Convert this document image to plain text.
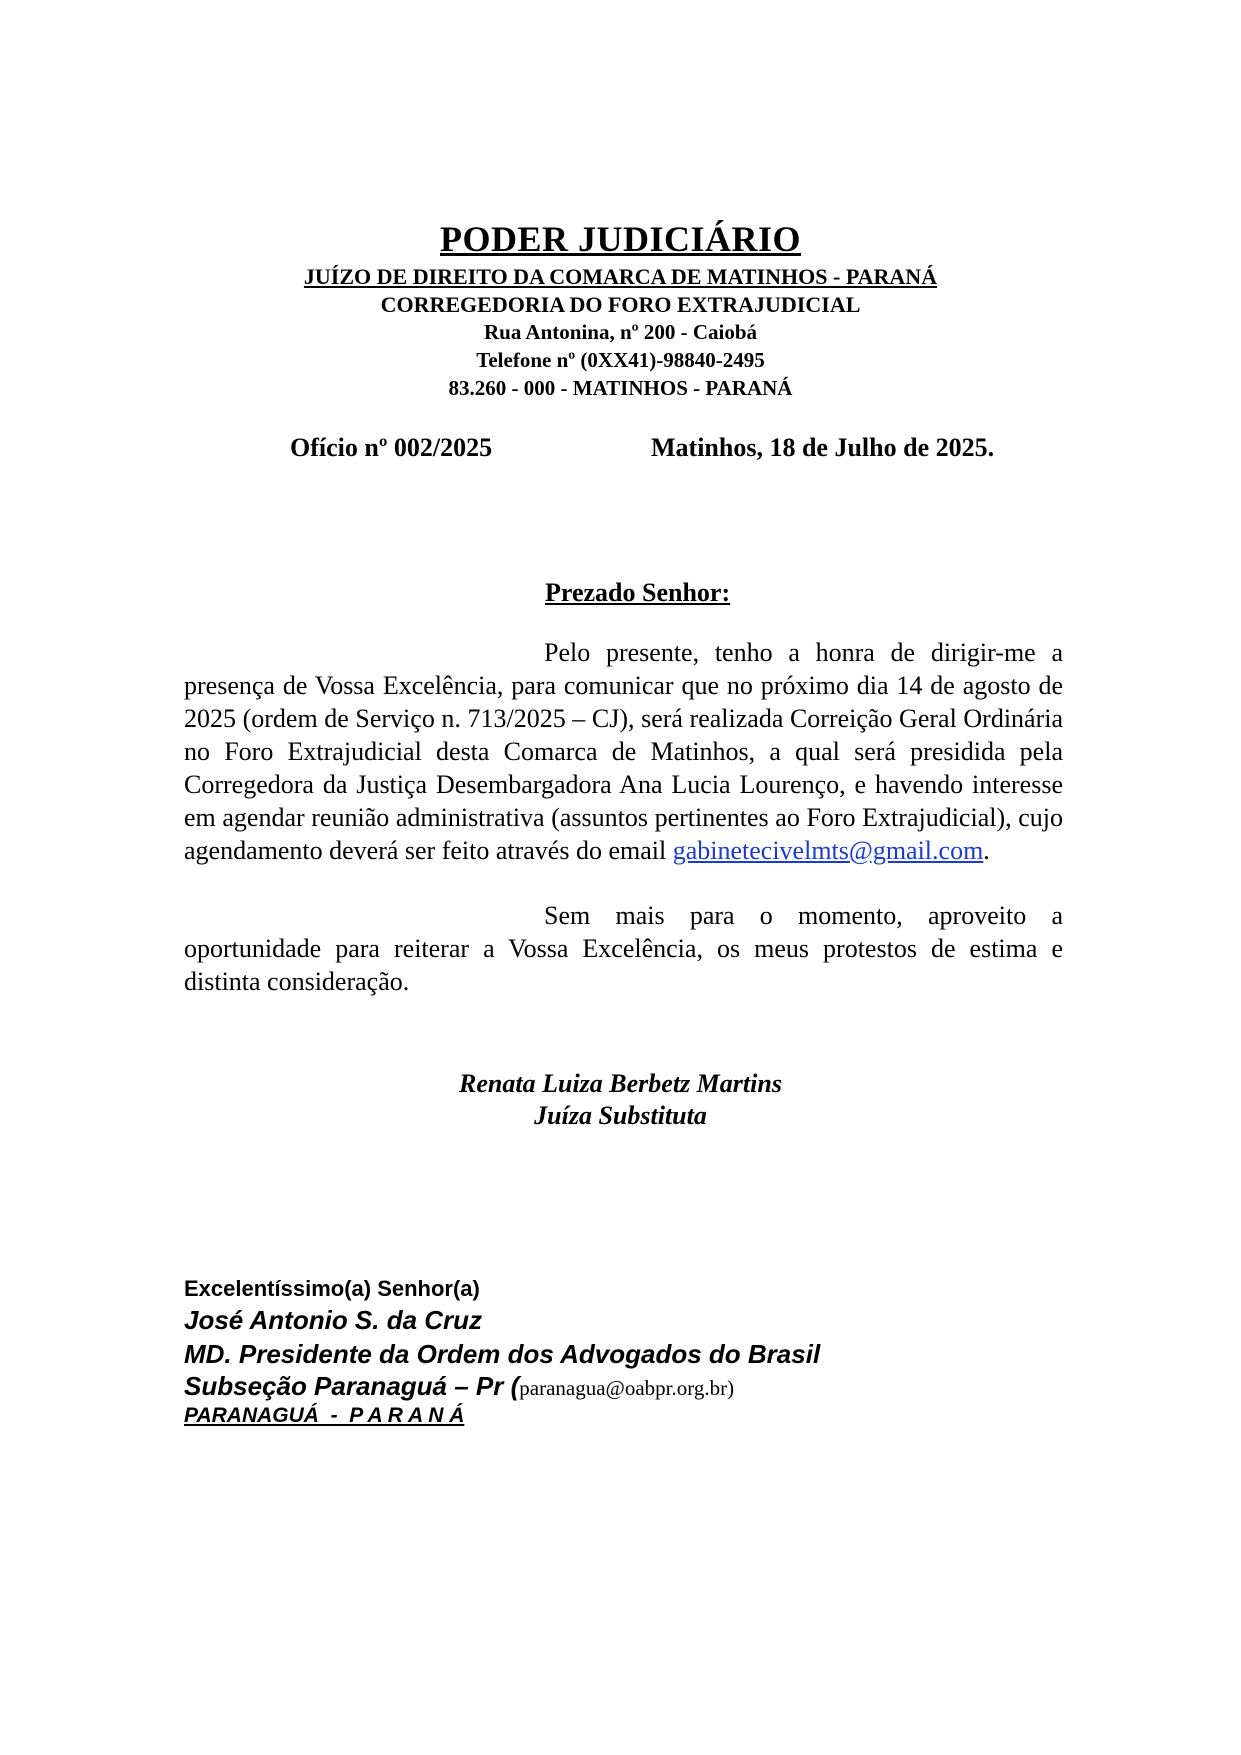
PODER JUDICIÁRIO
JUÍZO DE DIREITO DA COMARCA DE MATINHOS - PARANÁ
CORREGEDORIA DO FORO EXTRAJUDICIAL
Rua Antonina, nº 200 - Caiobá
Telefone nº (0XX41)-98840-2495
83.260 - 000 - MATINHOS - PARANÁ
Ofício nº 002/2025	Matinhos, 18 de Julho de 2025.
Prezado Senhor:
Pelo presente, tenho a honra de dirigir-me a presença de Vossa Excelência, para comunicar que no próximo dia 14 de agosto de 2025 (ordem de Serviço n. 713/2025 – CJ), será realizada Correição Geral Ordinária no Foro Extrajudicial desta Comarca de Matinhos, a qual será presidida pela Corregedora da Justiça Desembargadora Ana Lucia Lourenço, e havendo interesse em agendar reunião administrativa (assuntos pertinentes ao Foro Extrajudicial), cujo agendamento deverá ser feito através do email gabinetecivelmts@gmail.com.
Sem mais para o momento, aproveito a oportunidade para reiterar a Vossa Excelência, os meus protestos de estima e distinta consideração.
Renata Luiza Berbetz Martins
Juíza Substituta
Excelentíssimo(a) Senhor(a)
José Antonio S. da Cruz
MD. Presidente da Ordem dos Advogados do Brasil
Subseção Paranaguá – Pr (paranagua@oabpr.org.br)
PARANAGUÁ  -  P A R A N Á
